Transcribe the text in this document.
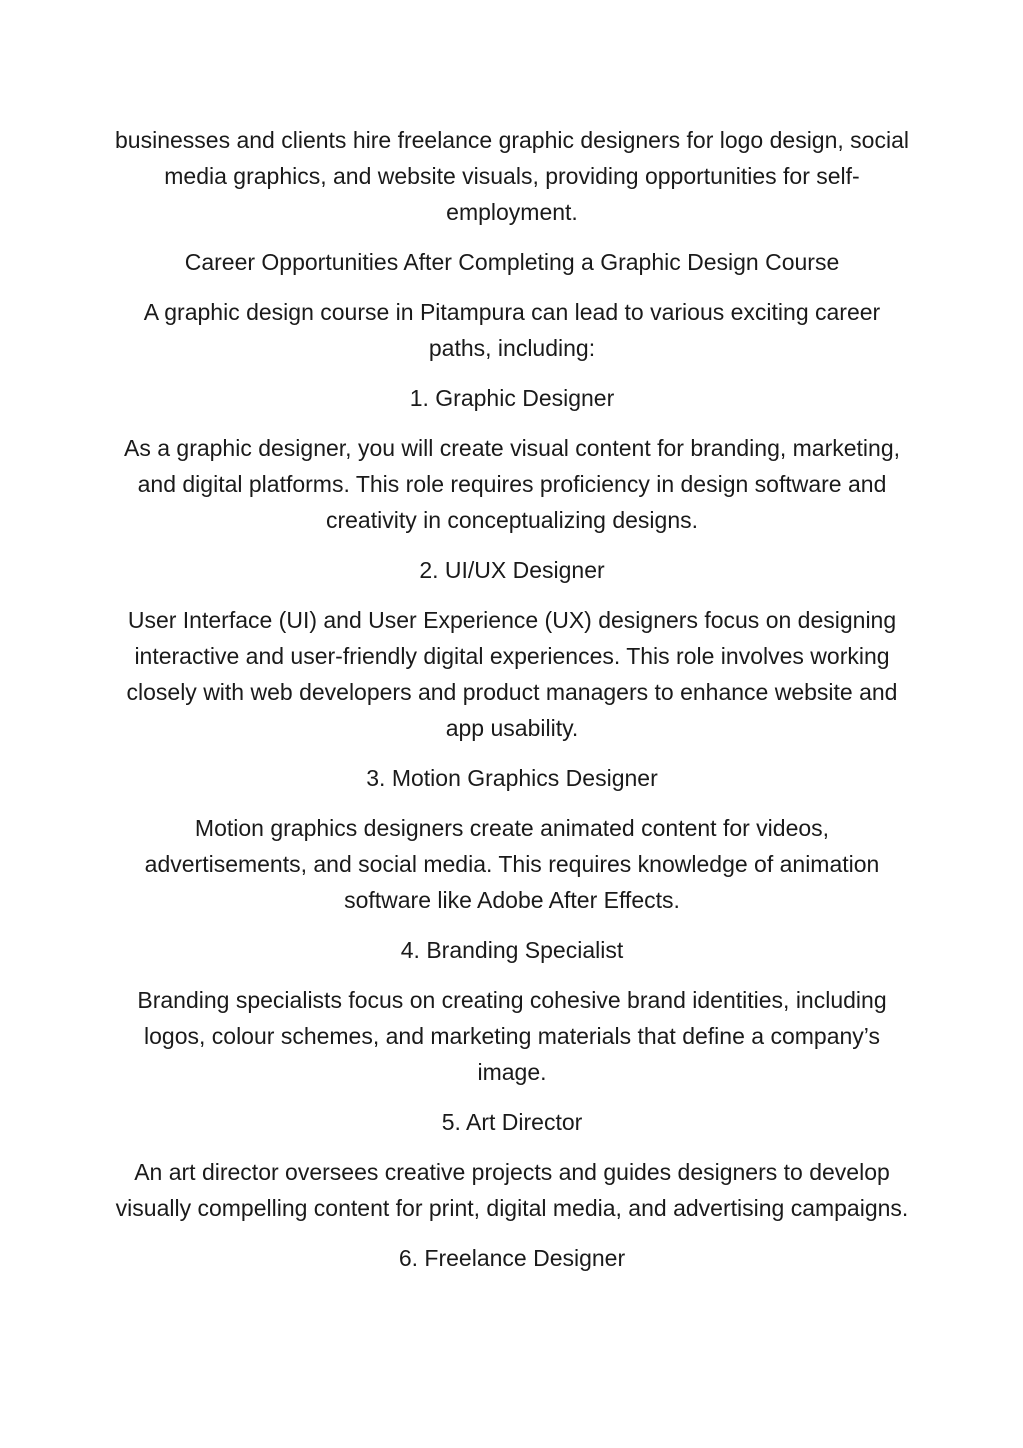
businesses and clients hire freelance graphic designers for logo design, social media graphics, and website visuals, providing opportunities for self-employment.

Career Opportunities After Completing a Graphic Design Course

A graphic design course in Pitampura can lead to various exciting career paths, including:

1. Graphic Designer

As a graphic designer, you will create visual content for branding, marketing, and digital platforms. This role requires proficiency in design software and creativity in conceptualizing designs.

2. UI/UX Designer

User Interface (UI) and User Experience (UX) designers focus on designing interactive and user-friendly digital experiences. This role involves working closely with web developers and product managers to enhance website and app usability.

3. Motion Graphics Designer

Motion graphics designers create animated content for videos, advertisements, and social media. This requires knowledge of animation software like Adobe After Effects.

4. Branding Specialist

Branding specialists focus on creating cohesive brand identities, including logos, colour schemes, and marketing materials that define a company’s image.

5. Art Director

An art director oversees creative projects and guides designers to develop visually compelling content for print, digital media, and advertising campaigns.

6. Freelance Designer
